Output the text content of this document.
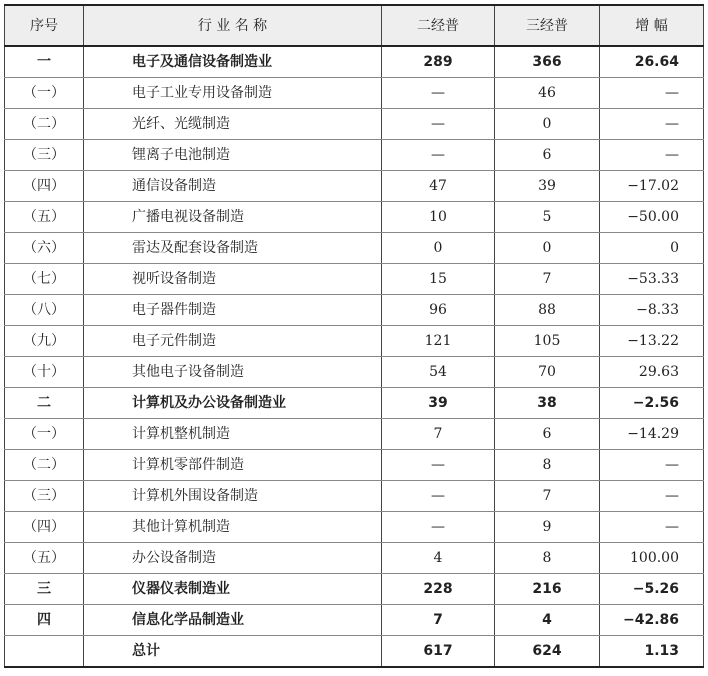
序号	行 业 名 称	二经普	三经普	增 幅
一	电子及通信设备制造业	289	366	26.64
（一）	电子工业专用设备制造	—	46	—
（二）	光纤、光缆制造	—	0	—
（三）	锂离子电池制造	—	6	—
（四）	通信设备制造	47	39	−17.02
（五）	广播电视设备制造	10	5	−50.00
（六）	雷达及配套设备制造	0	0	0
（七）	视听设备制造	15	7	−53.33
（八）	电子器件制造	96	88	−8.33
（九）	电子元件制造	121	105	−13.22
（十）	其他电子设备制造	54	70	29.63
二	计算机及办公设备制造业	39	38	−2.56
（一）	计算机整机制造	7	6	−14.29
（二）	计算机零部件制造	—	8	—
（三）	计算机外围设备制造	—	7	—
（四）	其他计算机制造	—	9	—
（五）	办公设备制造	4	8	100.00
三	仪器仪表制造业	228	216	−5.26
四	信息化学品制造业	7	4	−42.86
	总计	617	624	1.13
